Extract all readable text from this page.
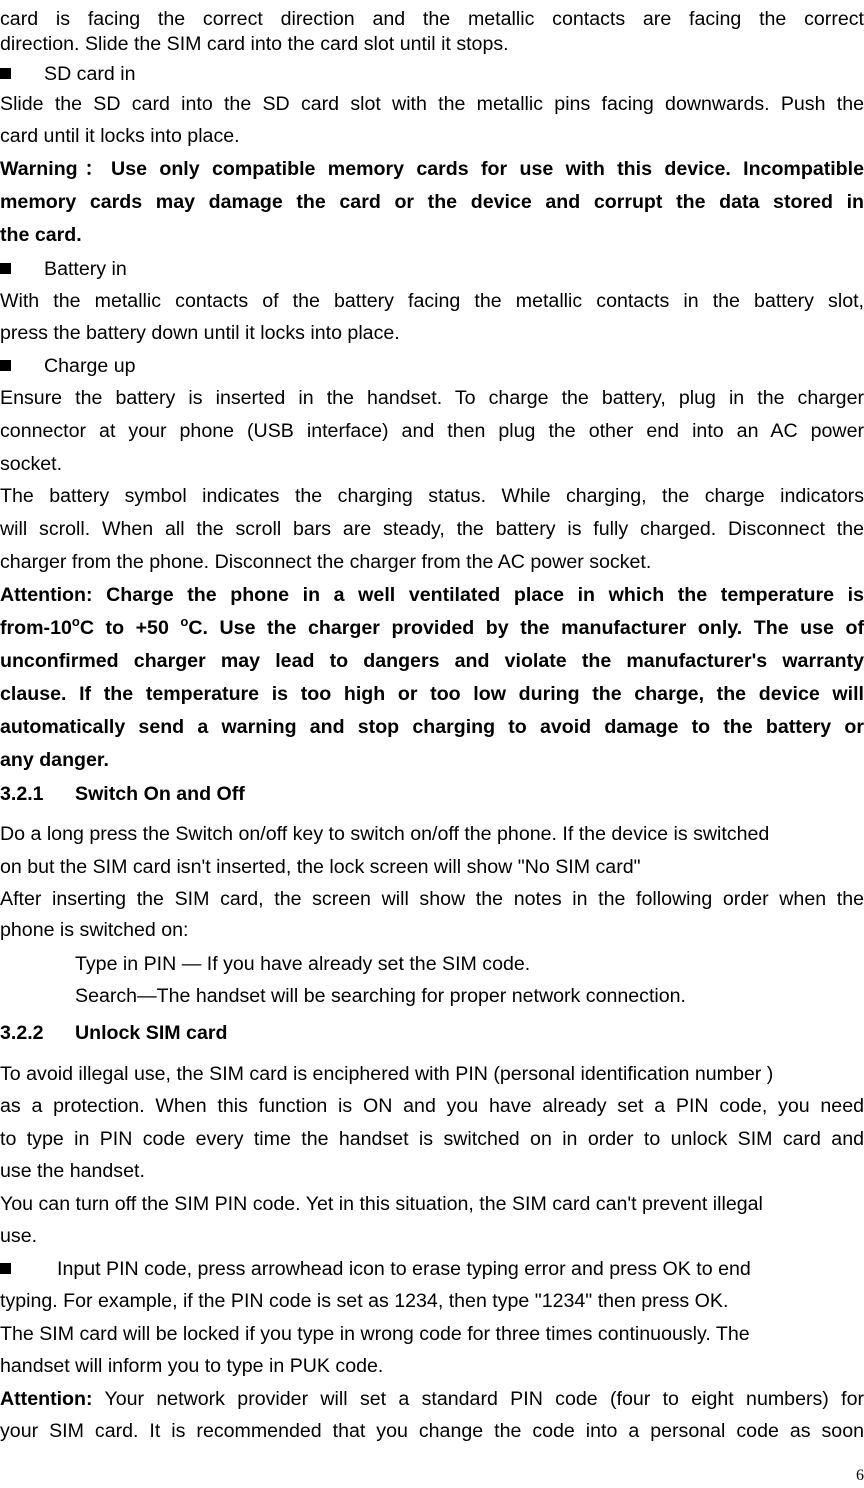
card is facing the correct direction and the metallic contacts are facing the correct

direction. Slide the SIM card into the card slot until it stops.

SD card in

Slide the SD card into the SD card slot with the metallic pins facing downwards. Push the

card until it locks into place.

Warning：Use only compatible memory cards for use with this device. Incompatible

memory cards may damage the card or the device and corrupt the data stored in

the card.

Battery in

With the metallic contacts of the battery facing the metallic contacts in the battery slot,

press the battery down until it locks into place.

Charge up

Ensure the battery is inserted in the handset. To charge the battery, plug in the charger

connector at your phone (USB interface) and then plug the other end into an AC power

socket.

The battery symbol indicates the charging status. While charging, the charge indicators

will scroll. When all the scroll bars are steady, the battery is fully charged. Disconnect the

charger from the phone. Disconnect the charger from the AC power socket.

Attention: Charge the phone in a well ventilated place in which the temperature is

from-10$^o$C to +50 $^o$C. Use the charger provided by the manufacturer only. The use of

unconfirmed charger may lead to dangers and violate the manufacturer's warranty

clause. If the temperature is too high or too low during the charge, the device will

automatically send a warning and stop charging to avoid damage to the battery or

any danger.

3.2.1 Switch On and Off

Do a long press the Switch on/off key to switch on/off the phone. If the device is switched

on but the SIM card isn't inserted, the lock screen will show "No SIM card"

After inserting the SIM card, the screen will show the notes in the following order when the

phone is switched on:

Type in PIN — If you have already set the SIM code.

Search—The handset will be searching for proper network connection.

3.2.2 Unlock SIM card

To avoid illegal use, the SIM card is enciphered with PIN (personal identification number )

as a protection. When this function is ON and you have already set a PIN code, you need

to type in PIN code every time the handset is switched on in order to unlock SIM card and

use the handset.

You can turn off the SIM PIN code. Yet in this situation, the SIM card can't prevent illegal

use.

Input PIN code, press arrowhead icon to erase typing error and press OK to end

typing. For example, if the PIN code is set as 1234, then type "1234" then press OK.

The SIM card will be locked if you type in wrong code for three times continuously. The

handset will inform you to type in PUK code.

Attention: Your network provider will set a standard PIN code (four to eight numbers) for

your SIM card. It is recommended that you change the code into a personal code as soon

6
